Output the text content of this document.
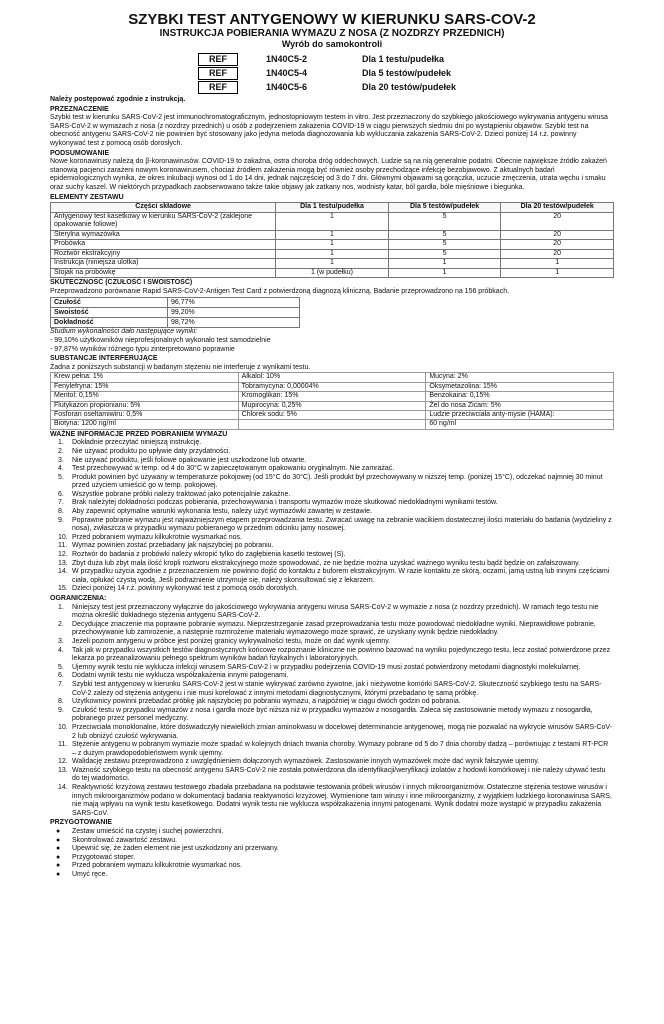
SZYBKI TEST ANTYGENOWY W KIERUNKU SARS-COV-2
INSTRUKCJA POBIERANIA WYMAZU Z NOSA (Z NOZDRZY PRZEDNICH)
Wyrób do samokontroli
REF	1N40C5-2	Dla 1 testu/pudełka
REF	1N40C5-4	Dla 5 testów/pudełek
REF	1N40C5-6	Dla 20 testów/pudełek
Należy postępować zgodnie z instrukcją.
PRZEZNACZENIE

Szybki test w kierunku SARS-CoV-2 jest immunochromatograficznym, jednostopniowym testem in vitro. Jest przeznaczony do szybkiego jakościowego wykrywania antygenu wirusa SARS-CoV-2 w wymazach z nosa (z nozdrzy przednich) u osób z podejrzeniem zakażenia COVID-19 w ciągu pierwszych siedmiu dni po wystąpieniu objawów. Szybki test na obecność antygenu SARS-CoV-2 nie powinien być stosowany jako jedyna metoda diagnozowania lub wykluczania zakażenia SARS-CoV-2. Dzieci poniżej 14 r.ż. powinny wykonywać test z pomocą osób dorosłych.

PODSUMOWANIE

Nowe koronawirusy należą do β-koronawirusów. COVID-19 to zakaźna, ostra choroba dróg oddechowych. Ludzie są na nią generalnie podatni. Obecnie największe źródło zakażeń stanowią pacjenci zarażeni nowym koronawirusem, chociaż źródłem zakażenia mogą być również osoby przechodzące infekcję bezobjawowo. Z aktualnych badań epidemiologicznych wynika, że okres inkubacji wynosi od 1 do 14 dni, jednak najczęściej od 3 do 7 dni. Głównymi objawami są gorączka, uczucie zmęczenia, utrata węchu i smaku oraz suchy kaszel. W niektórych przypadkach zaobserwowano także takie objawy jak zatkany nos, wodnisty katar, ból gardła, bóle mięśniowe i biegunka.

ELEMENTY ZESTAWU
Części składowe	Dla 1 testu/pudełka	Dla 5 testów/pudełek	Dla 20 testów/pudełek
Antygenowy test kasetkowy w kierunku SARS-CoV-2 (zaklejone opakowanie foliowe)	1	5	20
Sterylna wymazówka	1	5	20
Probówka	1	5	20
Roztwór ekstrakcyjny	1	5	20
Instrukcja (niniejsza ulotka)	1	1	1
Stojak na probówkę	1 (w pudełku)	1	1
SKUTECZNOŚĆ (CZUŁOŚĆ I SWOISTOŚĆ)

Przeprowadzono porównanie Rapid SARS-CoV-2-Antigen Test Card z potwierdzoną diagnozą kliniczną. Badanie przeprowadzono na 156 próbkach.

Czułość	96,77%
Swoistość	99,20%
Dokładność	98,72%

Studium wykonalności dało następujące wyniki:

- 99,10% użytkowników nieprofesjonalnych wykonało test samodzielnie

- 97,87% wyników różnego typu zinterpretowano poprawnie

SUBSTANCJE INTERFERUJĄCE

Żadna z poniższych substancji w badanym stężeniu nie interferuje z wynikami testu.

Krew pełna: 1%	Alkalol: 10%	Mucyna: 2%
Fenylefryna: 15%	Tobramycyna: 0,00004%	Oksymetazolina: 15%
Mentol: 0,15%	Kromoglikan: 15%	Benzokaina: 0,15%
Flutykazon propionianu: 5%	Mupirocyna: 0,25%	Żel do nosa Zicam: 5%
Fosforan oseltamiwiru: 0,5%	Chlorek sodu: 5%	Ludzie przeciwciała anty-mysie (HAMA):
Biotyna: 1200 ng/ml		60 ng/ml
WAŻNE INFORMACJE PRZED POBRANIEM WYMAZU
1.	Dokładnie przeczytać niniejszą instrukcję.
2.	Nie używać produktu po upływie daty przydatności.
3.	Nie używać produktu, jeśli foliowe opakowanie jest uszkodzone lub otwarte.
4.	Test przechowywać w temp. od 4 do 30°C w zapieczętowanym opakowaniu oryginalnym. Nie zamrażać.
5.	Produkt powinien być używany w temperaturze pokojowej (od 15°C do 30°C). Jeśli produkt był przechowywany w niższej temp. (poniżej 15°C), odczekać najmniej 30 minut przed użyciem umieścić go w temp. pokojowej.
6.	Wszystkie pobrane próbki należy traktować jako potencjalnie zakaźne.
7.	Brak należytej dokładności podczas pobierania, przechowywania i transportu wymazów może skutkować niedokładnymi wynikami testów.
8.	Aby zapewnić optymalne warunki wykonania testu, należy użyć wymazówki zawartej w zestawie.
9.	Poprawne pobranie wymazu jest najważniejszym etapem przeprowadzania testu. Zwracać uwagę na zebranie wacikiem dostatecznej ilości materiału do badania (wydzieliny z nosa), zwłaszcza w przypadku wymazu pobieranego w przednim odcinku jamy nosowej.
10. Przed pobraniem wymazu kilkukrotnie wysmarkać nos.
11. Wymaz powinien zostać przebadany jak najszybciej po pobraniu.
12. Roztwór do badania z probówki należy wkropić tylko do zagłębienia kasetki testowej (S).
13. Zbyt duża lub zbyt mała ilość kropli roztworu ekstrakcyjnego może spowodować, że nie będzie można uzyskać ważnego wyniku testu bądź będzie on zafałszowany.
14. W przypadku użycia zgodnie z przeznaczeniem nie powinno dojść do kontaktu z buforem ekstrakcyjnym. W razie kontaktu ze skórą, oczami, jamą ustną lub innymi częściami ciała, opłukać czystą wodą. Jeśli podrażnienie utrzymuje się, należy skonsultować się z lekarzem.
15. Dzieci poniżej 14 r.ż. powinny wykonywać test z pomocą osób dorosłych.
OGRANICZENIA:
1.	Niniejszy test jest przeznaczony wyłącznie do jakościowego wykrywania antygenu wirusa SARS-CoV-2 w wymazie z nosa (z nozdrzy przednich). W ramach tego testu nie można określić dokładnego stężenia antygenu SARS-CoV-2.
2.	Decydujące znaczenie ma poprawne pobranie wymazu. Nieprzestrzeganie zasad przeprowadzania testu może powodować niedokładne wyniki. Nieprawidłowe pobranie, przechowywanie lub zamrożenie, a następnie rozmrożenie materiału wymazowego może sprawić, że uzyskany wynik będzie niedokładny.
3.	Jeżeli poziom antygenu w próbce jest poniżej granicy wykrywalności testu, może on dać wynik ujemny.
4.	Tak jak w przypadku wszystkich testów diagnostycznych końcowe rozpoznanie kliniczne nie powinno bazować na wyniku pojedynczego testu, lecz zostać potwierdzone przez lekarza po przeanalizowaniu pełnego spektrum wyników badań fizykalnych i laboratoryjnych.
5.	Ujemny wynik testu nie wyklucza infekcji wirusem SARS-CoV-2 i w przypadku podejrzenia COVID-19 musi zostać potwierdzony metodami diagnostyki molekularnej.
6.	Dodatni wynik testu nie wyklucza współzakażenia innymi patogenami.
7.	Szybki test antygenowy w kierunku SARS-CoV-2 jest w stanie wykrywać zarówno żywotne, jak i nieżywotne komórki SARS-CoV-2. Skuteczność szybkiego testu na SARS-CoV-2 zależy od stężenia antygenu i nie musi korelować z innymi metodami diagnostycznymi, którymi przebadano tę samą próbkę.
8.	Użytkownicy powinni przebadać próbkę jak najszybciej po pobraniu wymazu, a najpóźniej w ciągu dwóch godzin od pobrania.
9.	Czułość testu w przypadku wymazów z nosa i gardła może być niższa niż w przypadku wymazów z nosogardła. Zaleca się zastosowanie metody wymazu z nosogardła, pobranego przez personel medyczny.
10. Przeciwciała monoklonalne, które doświadczyły niewielkich zmian aminokwasu w docelowej determinancie antygenowej, mogą nie pozwalać na wykrycie wirusów SARS-CoV-2 lub obniżyć czułość wykrywania.
11. Stężenie antygenu w pobranym wymazie może spadać w kolejnych dniach trwania choroby. Wymazy pobrane od 5 do 7 dnia choroby dadzą – porównując z testami RT-PCR – z dużym prawdopodobieństwem wynik ujemny.
12. Walidację zestawu przeprowadzono z uwzględnieniem dołączonych wymazówek. Zastosowanie innych wymazówek może dać wynik fałszywie ujemny.
13. Ważność szybkiego testu na obecność antygenu SARS-CoV-2 nie została potwierdzona dla identyfikacji/weryfikacji izolatów z hodowli komórkowej i nie należy używać testu do tej wiadomości.
14. Reaktywność krzyżową zestawu testowego zbadała przebadana na podstawie testowania próbek wirusów i innych mikroorganizmów. Ostateczne stężenia testowe wirusów i innych mikroorganizmów podano w dokumentacji badania reaktywności krzyżowej. Wymienione tam wirusy i inne mikroorganizmy, z wyjątkiem ludzkiego koronawirusa SARS, nie mają wpływu na wynik testu kasetkowego. Dodatni wynik testu nie wyklucza współzakażenia innymi patogenami. Wynik dodatni może wystąpić w przypadku zakażenia SARS-CoV.
PRZYGOTOWANIE
●	Zestaw umieścić na czystej i suchej powierzchni.
●	Skontrolować zawartość zestawu.
●	Upewnić się, że żaden element nie jest uszkodzony ani przerwany.
●	Przygotować stoper.
●	Przed pobraniem wymazu kilkukrotnie wysmarkać nos.
●	Umyć ręce.
